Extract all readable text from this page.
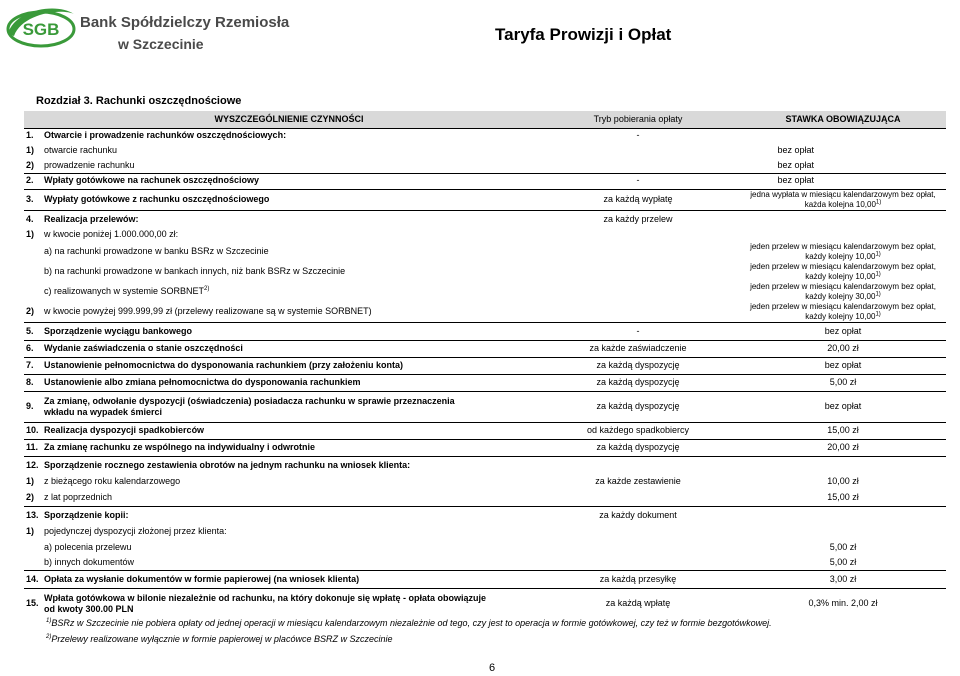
SGB Bank Spółdzielczy Rzemiosła
w Szczecinie	Taryfa Prowizji i Opłat
Rozdział 3. Rachunki oszczędnościowe
	WYSZCZEGÓLNIENIE CZYNNOŚCI	Tryb pobierania opłaty	STAWKA OBOWIĄZUJĄCA
1.	Otwarcie i prowadzenie rachunków oszczędnościowych:	-	
1)	otwarcie rachunku		bez opłat
2)	prowadzenie rachunku		bez opłat
2.	Wpłaty gotówkowe na rachunek oszczędnościowy	-	bez opłat
3.	Wypłaty gotówkowe z rachunku oszczędnościowego	za każdą wypłatę	jedna wypłata w miesiącu kalendarzowym bez opłat, każda kolejna 10,00$^{1)}$
4.	Realizacja przelewów:	za każdy przelew	
1)	w kwocie poniżej 1.000.000,00 zł:		
	a) na rachunki prowadzone w banku BSRz w Szczecinie		jeden przelew w miesiącu kalendarzowym bez opłat, każdy kolejny 10,00$^{1)}$
	b) na rachunki prowadzone w bankach innych, niż bank BSRz w Szczecinie		jeden przelew w miesiącu kalendarzowym bez opłat, każdy kolejny 10,00$^{1)}$
	c) realizowanych w systemie SORBNET$^{2)}$		jeden przelew w miesiącu kalendarzowym bez opłat, każdy kolejny 30,00$^{1)}$
2)	w kwocie powyżej 999.999,99 zł (przelewy realizowane są w systemie SORBNET)		jeden przelew w miesiącu kalendarzowym bez opłat, każdy kolejny 10,00$^{1)}$
5.	Sporządzenie wyciągu bankowego	-	bez opłat
6.	Wydanie zaświadczenia o stanie oszczędności	za każde zaświadczenie	20,00 zł
7.	Ustanowienie pełnomocnictwa do dysponowania rachunkiem (przy założeniu konta)	za każdą dyspozycję	bez opłat
8.	Ustanowienie albo zmiana pełnomocnictwa do dysponowania rachunkiem	za każdą dyspozycję	5,00 zł
9.	Za zmianę, odwołanie dyspozycji (oświadczenia) posiadacza rachunku w sprawie przeznaczenia wkładu na wypadek śmierci	za każdą dyspozycję	bez opłat
10.	Realizacja dyspozycji spadkobierców	od każdego spadkobiercy	15,00 zł
11.	Za zmianę rachunku ze wspólnego na indywidualny i odwrotnie	za każdą dyspozycję	20,00 zł
12.	Sporządzenie rocznego zestawienia obrotów na jednym rachunku na wniosek klienta:		
1)	z bieżącego roku kalendarzowego	za każde zestawienie	10,00 zł
2)	z lat poprzednich		15,00 zł
13.	Sporządzenie kopii:	za każdy dokument	
1)	pojedynczej dyspozycji złożonej przez klienta:		
	a) polecenia przelewu		5,00 zł
	b) innych dokumentów		5,00 zł
14.	Opłata za wysłanie dokumentów w formie papierowej (na wniosek klienta)	za każdą przesyłkę	3,00 zł
15.	Wpłata gotówkowa w bilonie niezależnie od rachunku, na który dokonuje się wpłatę - opłata obowiązuje od kwoty 300.00 PLN	za każdą wpłatę	0,3% min. 2,00 zł
$^{1)}$BSRz w Szczecinie nie pobiera opłaty od jednej operacji w miesiącu kalendarzowym niezależnie od tego, czy jest to operacja w formie gotówkowej, czy też w formie bezgotówkowej.
$^{2)}$Przelewy realizowane wyłącznie w formie papierowej w placówce BSRZ w Szczecinie
6
